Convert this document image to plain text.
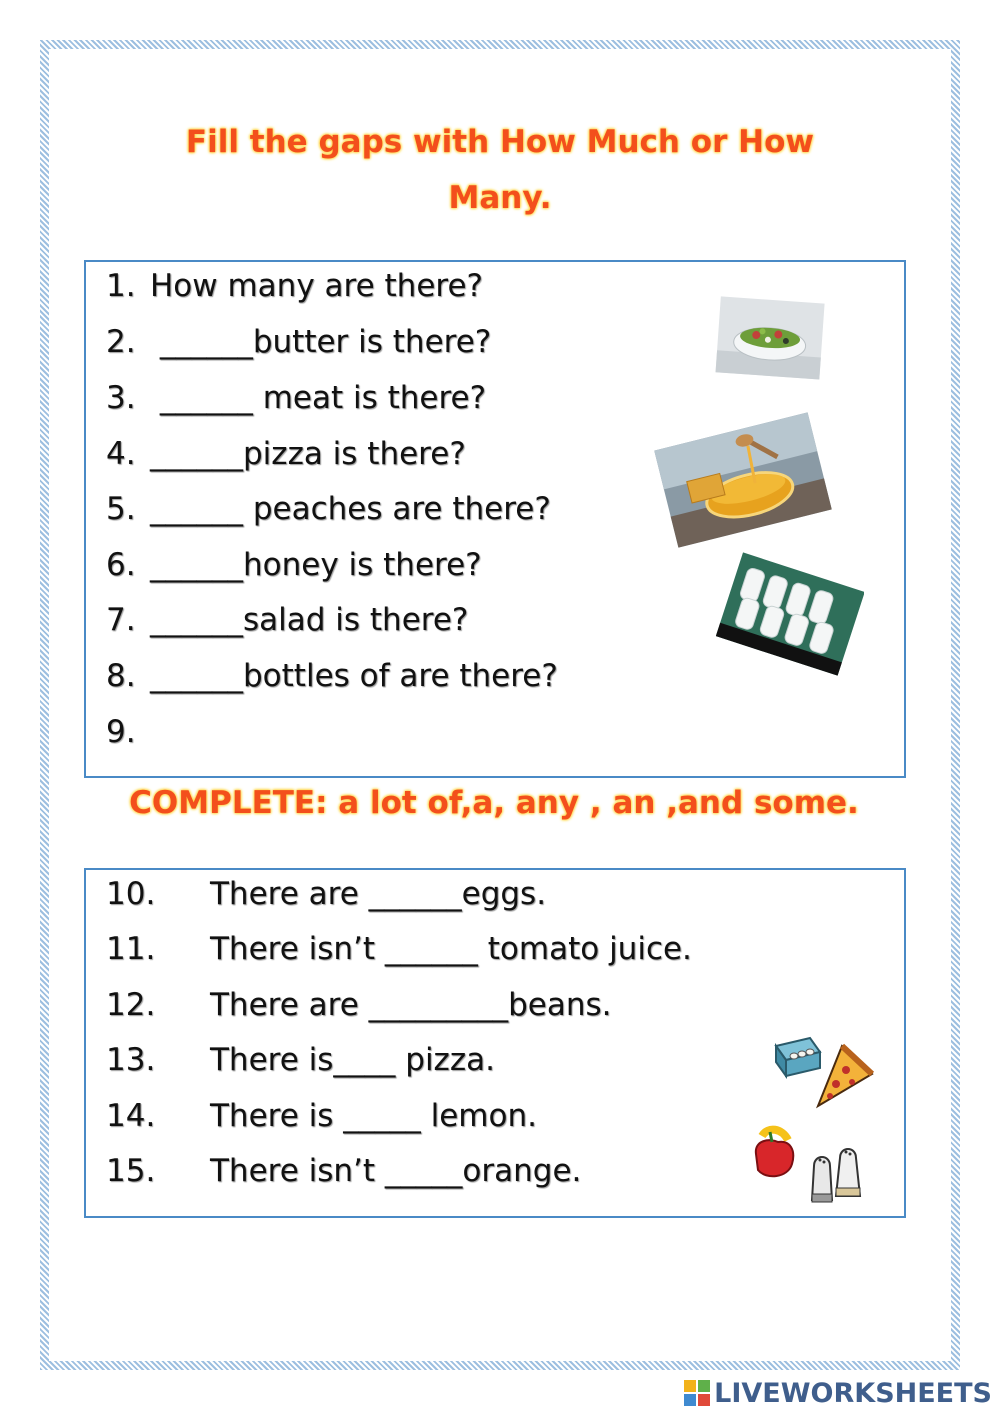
Fill the gaps with How Much or How
Many.
1. How many are there?
2. ______butter is there?
3. ______ meat is there?
4. ______pizza is there?
5. ______ peaches are there?
6. ______honey is there?
7. ______salad is there?
8. ______bottles of are there?
9.
COMPLETE: a lot of,a, any , an ,and some.
10. There are ______eggs.
11. There isn’t ______ tomato juice.
12. There are _________beans.
13. There is____ pizza.
14. There is _____ lemon.
15. There isn’t _____orange.
LIVEWORKSHEETS
